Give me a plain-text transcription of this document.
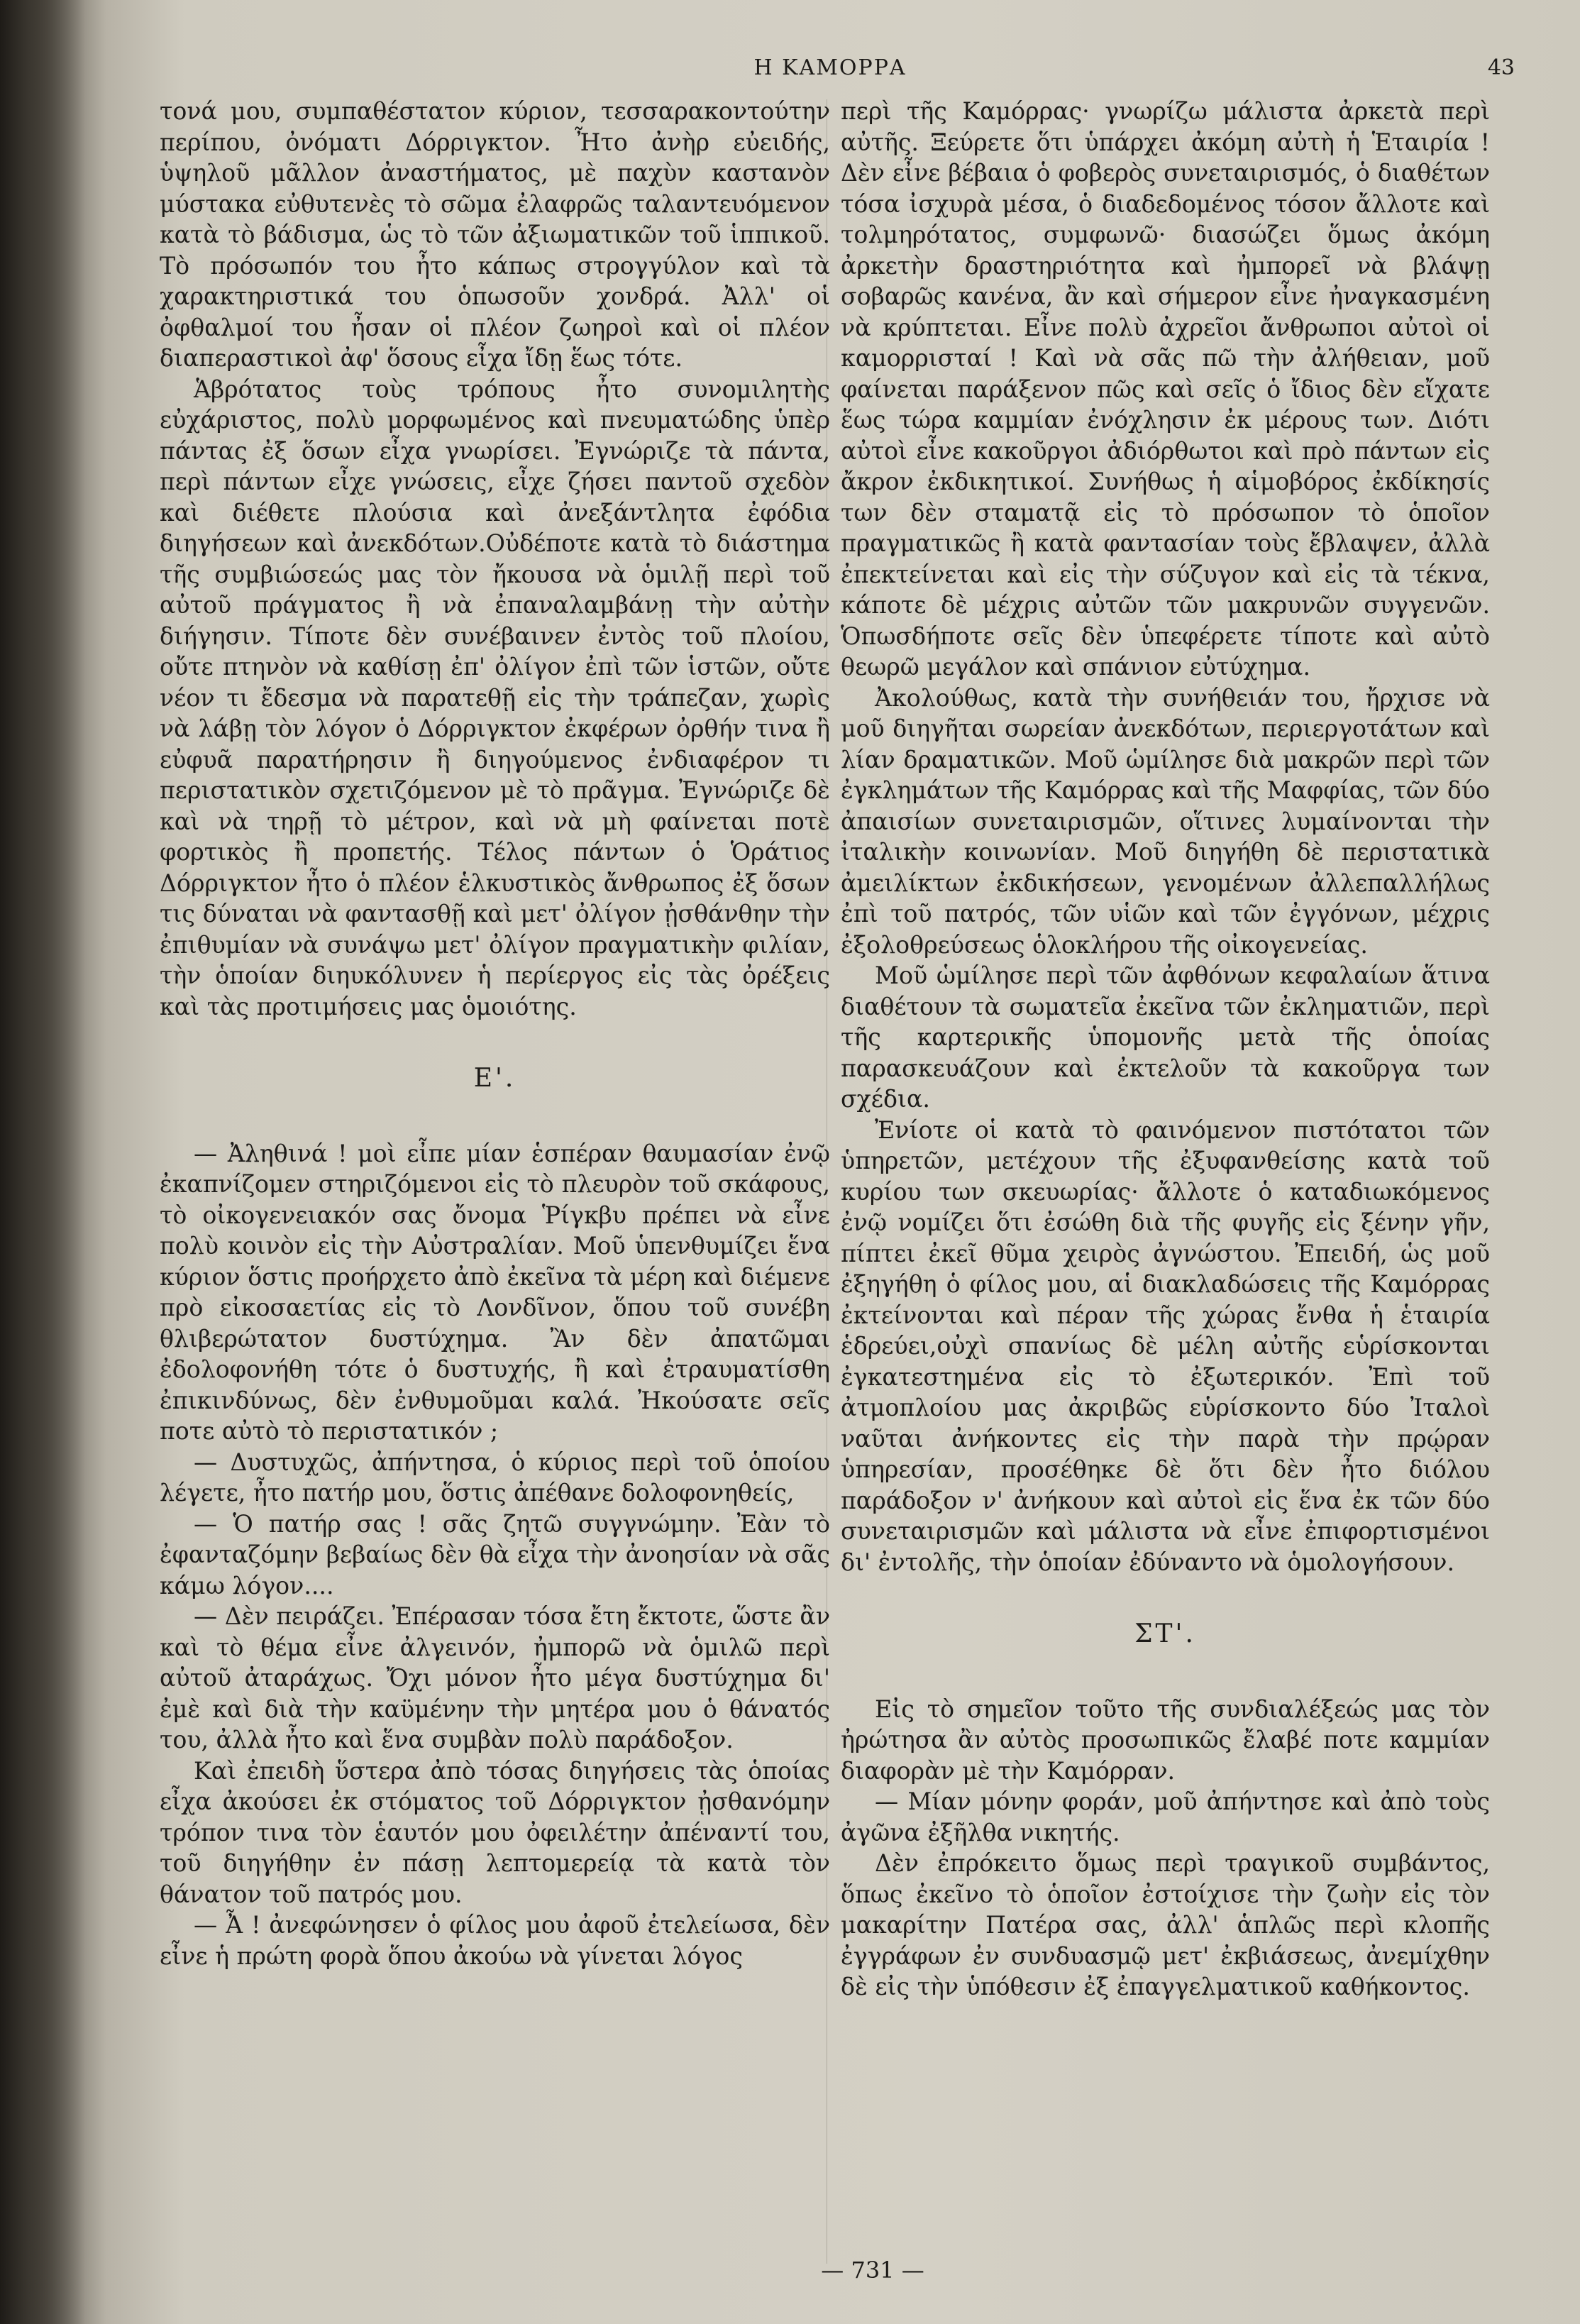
Η ΚΑΜΟΡΡΑ	43

τονά μου, συμπαθέστατον κύριον, τεσσαρακοντούτην περίπου, ὀνόματι Δόρριγκτον. Ἦτο ἀνὴρ εὐειδής, ὑψηλοῦ μᾶλλον ἀναστήματος, μὲ παχὺν καστανὸν μύστακα εὐθυτενὲς τὸ σῶμα ἐλαφρῶς ταλαντευόμενον κατὰ τὸ βάδισμα, ὡς τὸ τῶν ἀξιωματικῶν τοῦ ἱππικοῦ. Τὸ πρόσωπόν του ἦτο κάπως στρογγύλον καὶ τὰ χαρακτηριστικά του ὁπωσοῦν χονδρά. Ἀλλ' οἱ ὀφθαλμοί του ἦσαν οἱ πλέον ζωηροὶ καὶ οἱ πλέον διαπεραστικοὶ ἀφ' ὅσους εἶχα ἴδῃ ἕως τότε.

Ἁβρότατος τοὺς τρόπους ἦτο συνομιλητὴς εὐχάριστος, πολὺ μορφωμένος καὶ πνευματώδης ὑπὲρ πάντας ἐξ ὅσων εἶχα γνωρίσει. Ἐγνώριζε τὰ πάντα, περὶ πάντων εἶχε γνώσεις, εἶχε ζήσει παντοῦ σχεδὸν καὶ διέθετε πλούσια καὶ ἀνεξάντλητα ἐφόδια διηγήσεων καὶ ἀνεκδότων.Οὐδέποτε κατὰ τὸ διάστημα τῆς συμβιώσεώς μας τὸν ἤκουσα νὰ ὁμιλῇ περὶ τοῦ αὐτοῦ πράγματος ἢ νὰ ἐπαναλαμβάνῃ τὴν αὐτὴν διήγησιν. Τίποτε δὲν συνέβαινεν ἐντὸς τοῦ πλοίου, οὔτε πτηνὸν νὰ καθίσῃ ἐπ' ὀλίγον ἐπὶ τῶν ἱστῶν, οὔτε νέον τι ἔδεσμα νὰ παρατεθῇ εἰς τὴν τράπεζαν, χωρὶς νὰ λάβῃ τὸν λόγον ὁ Δόρριγκτον ἐκφέρων ὀρθήν τινα ἢ εὐφυᾶ παρατήρησιν ἢ διηγούμενος ἐνδιαφέρον τι περιστατικὸν σχετιζόμενον μὲ τὸ πρᾶγμα. Ἐγνώριζε δὲ καὶ νὰ τηρῇ τὸ μέτρον, καὶ νὰ μὴ φαίνεται ποτὲ φορτικὸς ἢ προπετής. Τέλος πάντων ὁ Ὁράτιος Δόρριγκτον ἦτο ὁ πλέον ἑλκυστικὸς ἄνθρωπος ἐξ ὅσων τις δύναται νὰ φαντασθῇ καὶ μετ' ὀλίγον ᾐσθάνθην τὴν ἐπιθυμίαν νὰ συνάψω μετ' ὀλίγον πραγματικὴν φιλίαν, τὴν ὁποίαν διηυκόλυνεν ἡ περίεργος εἰς τὰς ὀρέξεις καὶ τὰς προτιμήσεις μας ὁμοιότης.

Ε'.

— Ἀληθινά ! μοὶ εἶπε μίαν ἑσπέραν θαυμασίαν ἐνῷ ἐκαπνίζομεν στηριζόμενοι εἰς τὸ πλευρὸν τοῦ σκάφους, τὸ οἰκογενειακόν σας ὄνομα Ῥίγκβυ πρέπει νὰ εἶνε πολὺ κοινὸν εἰς τὴν Αὐστραλίαν. Μοῦ ὑπενθυμίζει ἕνα κύριον ὅστις προήρχετο ἀπὸ ἐκεῖνα τὰ μέρη καὶ διέμενε πρὸ εἰκοσαετίας εἰς τὸ Λονδῖνον, ὅπου τοῦ συνέβη θλιβερώτατον δυστύχημα. Ἂν δὲν ἀπατῶμαι ἐδολοφονήθη τότε ὁ δυστυχής, ἢ καὶ ἐτραυματίσθη ἐπικινδύνως, δὲν ἐνθυμοῦμαι καλά. Ἠκούσατε σεῖς ποτε αὐτὸ τὸ περιστατικόν ;

— Δυστυχῶς, ἀπήντησα, ὁ κύριος περὶ τοῦ ὁποίου λέγετε, ἦτο πατήρ μου, ὅστις ἀπέθανε δολοφονηθείς,

— Ὁ πατήρ σας ! σᾶς ζητῶ συγγνώμην. Ἐὰν τὸ ἐφανταζόμην βεβαίως δὲν θὰ εἶχα τὴν ἀνοησίαν νὰ σᾶς κάμω λόγον....

— Δὲν πειράζει. Ἐπέρασαν τόσα ἔτη ἔκτοτε, ὥστε ἂν καὶ τὸ θέμα εἶνε ἀλγεινόν, ἠμπορῶ νὰ ὁμιλῶ περὶ αὐτοῦ ἀταράχως. Ὄχι μόνον ἦτο μέγα δυστύχημα δι' ἐμὲ καὶ διὰ τὴν καϋμένην τὴν μητέρα μου ὁ θάνατός του, ἀλλὰ ἦτο καὶ ἕνα συμβὰν πολὺ παράδοξον.

Καὶ ἐπειδὴ ὕστερα ἀπὸ τόσας διηγήσεις τὰς ὁποίας εἶχα ἀκούσει ἐκ στόματος τοῦ Δόρριγκτον ᾐσθανόμην τρόπον τινα τὸν ἑαυτόν μου ὀφειλέτην ἀπέναντί του, τοῦ διηγήθην ἐν πάσῃ λεπτομερείᾳ τὰ κατὰ τὸν θάνατον τοῦ πατρός μου.

— Ἆ ! ἀνεφώνησεν ὁ φίλος μου ἀφοῦ ἐτελείωσα, δὲν εἶνε ἡ πρώτη φορὰ ὅπου ἀκούω νὰ γίνεται λόγος

περὶ τῆς Καμόρρας· γνωρίζω μάλιστα ἀρκετὰ περὶ αὐτῆς. Ξεύρετε ὅτι ὑπάρχει ἀκόμη αὐτὴ ἡ Ἑταιρία ! Δὲν εἶνε βέβαια ὁ φοβερὸς συνεταιρισμός, ὁ διαθέτων τόσα ἰσχυρὰ μέσα, ὁ διαδεδομένος τόσον ἄλλοτε καὶ τολμηρότατος, συμφωνῶ· διασώζει ὅμως ἀκόμη ἀρκετὴν δραστηριότητα καὶ ἠμπορεῖ νὰ βλάψῃ σοβαρῶς κανένα, ἂν καὶ σήμερον εἶνε ἠναγκασμένη νὰ κρύπτεται. Εἶνε πολὺ ἀχρεῖοι ἄνθρωποι αὐτοὶ οἱ καμορρισταί ! Καὶ νὰ σᾶς πῶ τὴν ἀλήθειαν, μοῦ φαίνεται παράξενον πῶς καὶ σεῖς ὁ ἴδιος δὲν εἴχατε ἕως τώρα καμμίαν ἐνόχλησιν ἐκ μέρους των. Διότι αὐτοὶ εἶνε κακοῦργοι ἀδιόρθωτοι καὶ πρὸ πάντων εἰς ἄκρον ἐκδικητικοί. Συνήθως ἡ αἱμοβόρος ἐκδίκησίς των δὲν σταματᾷ εἰς τὸ πρόσωπον τὸ ὁποῖον πραγματικῶς ἢ κατὰ φαντασίαν τοὺς ἔβλαψεν, ἀλλὰ ἐπεκτείνεται καὶ εἰς τὴν σύζυγον καὶ εἰς τὰ τέκνα, κάποτε δὲ μέχρις αὐτῶν τῶν μακρυνῶν συγγενῶν. Ὁπωσδήποτε σεῖς δὲν ὑπεφέρετε τίποτε καὶ αὐτὸ θεωρῶ μεγάλον καὶ σπάνιον εὐτύχημα.

Ἀκολούθως, κατὰ τὴν συνήθειάν του, ἤρχισε νὰ μοῦ διηγῆται σωρείαν ἀνεκδότων, περιεργοτάτων καὶ λίαν δραματικῶν. Μοῦ ὡμίλησε διὰ μακρῶν περὶ τῶν ἐγκλημάτων τῆς Καμόρρας καὶ τῆς Μαφφίας, τῶν δύο ἀπαισίων συνεταιρισμῶν, οἵτινες λυμαίνονται τὴν ἰταλικὴν κοινωνίαν. Μοῦ διηγήθη δὲ περιστατικὰ ἀμειλίκτων ἐκδικήσεων, γενομένων ἀλλεπαλλήλως ἐπὶ τοῦ πατρός, τῶν υἱῶν καὶ τῶν ἐγγόνων, μέχρις ἐξολοθρεύσεως ὁλοκλήρου τῆς οἰκογενείας.

Μοῦ ὡμίλησε περὶ τῶν ἀφθόνων κεφαλαίων ἅτινα διαθέτουν τὰ σωματεῖα ἐκεῖνα τῶν ἐκληματιῶν, περὶ τῆς καρτερικῆς ὑπομονῆς μετὰ τῆς ὁποίας παρασκευάζουν καὶ ἐκτελοῦν τὰ κακοῦργα των σχέδια.

Ἐνίοτε οἱ κατὰ τὸ φαινόμενον πιστότατοι τῶν ὑπηρετῶν, μετέχουν τῆς ἐξυφανθείσης κατὰ τοῦ κυρίου των σκευωρίας· ἄλλοτε ὁ καταδιωκόμενος ἐνῷ νομίζει ὅτι ἐσώθη διὰ τῆς φυγῆς εἰς ξένην γῆν, πίπτει ἐκεῖ θῦμα χειρὸς ἀγνώστου. Ἐπειδή, ὡς μοῦ ἐξηγήθη ὁ φίλος μου, αἱ διακλαδώσεις τῆς Καμόρρας ἐκτείνονται καὶ πέραν τῆς χώρας ἔνθα ἡ ἑταιρία ἑδρεύει,οὐχὶ σπανίως δὲ μέλη αὐτῆς εὑρίσκονται ἐγκατεστημένα εἰς τὸ ἐξωτερικόν. Ἐπὶ τοῦ ἀτμοπλοίου μας ἀκριβῶς εὑρίσκοντο δύο Ἰταλοὶ ναῦται ἀνήκοντες εἰς τὴν παρὰ τὴν πρῴραν ὑπηρεσίαν, προσέθηκε δὲ ὅτι δὲν ἦτο διόλου παράδοξον ν' ἀνήκουν καὶ αὐτοὶ εἰς ἕνα ἐκ τῶν δύο συνεταιρισμῶν καὶ μάλιστα νὰ εἶνε ἐπιφορτισμένοι δι' ἐντολῆς, τὴν ὁποίαν ἐδύναντο νὰ ὁμολογήσουν.

ΣΤ'.

Εἰς τὸ σημεῖον τοῦτο τῆς συνδιαλέξεώς μας τὸν ἠρώτησα ἂν αὐτὸς προσωπικῶς ἔλαβέ ποτε καμμίαν διαφορὰν μὲ τὴν Καμόρραν.

— Μίαν μόνην φοράν, μοῦ ἀπήντησε καὶ ἀπὸ τοὺς ἀγῶνα ἐξῆλθα νικητής.

Δὲν ἐπρόκειτο ὅμως περὶ τραγικοῦ συμβάντος, ὅπως ἐκεῖνο τὸ ὁποῖον ἐστοίχισε τὴν ζωὴν εἰς τὸν μακαρίτην Πατέρα σας, ἀλλ' ἁπλῶς περὶ κλοπῆς ἐγγράφων ἐν συνδυασμῷ μετ' ἐκβιάσεως, ἀνεμίχθην δὲ εἰς τὴν ὑπόθεσιν ἐξ ἐπαγγελματικοῦ καθήκοντος.

— 731 —
